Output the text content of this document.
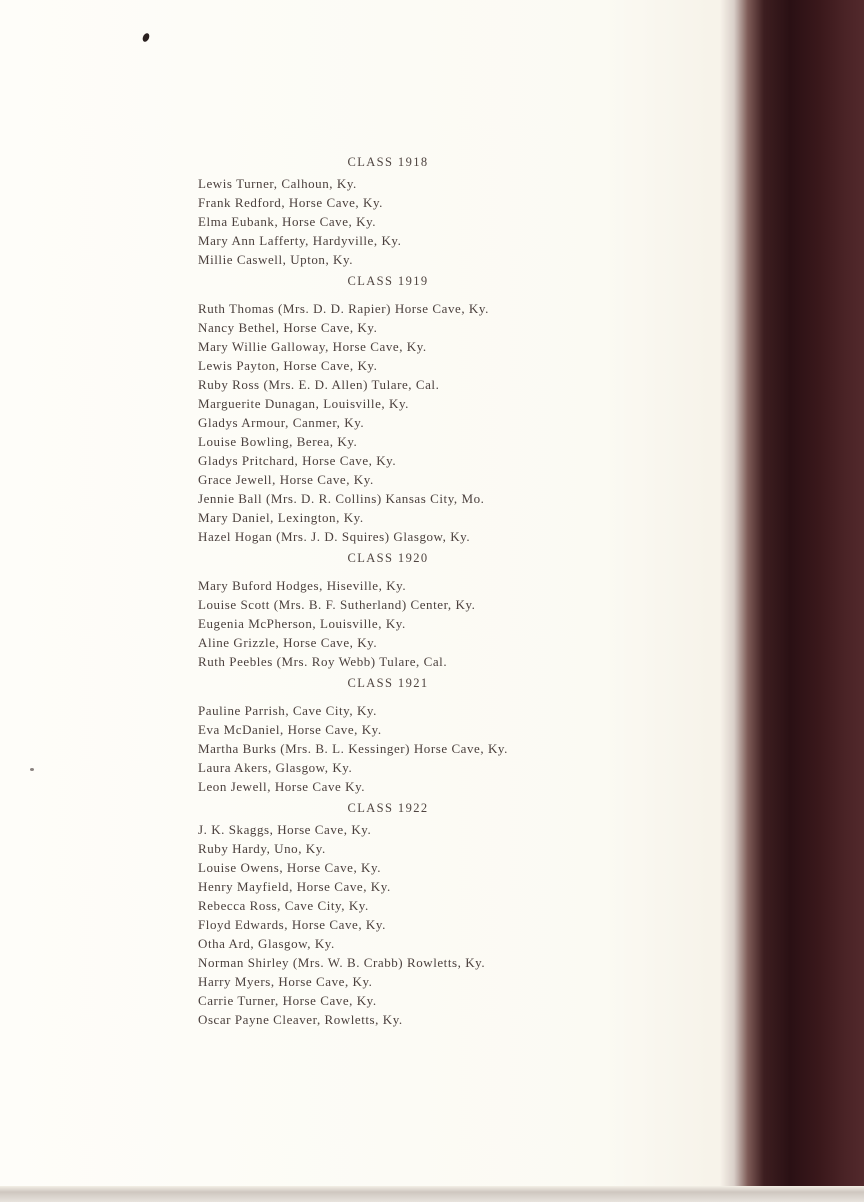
CLASS 1918
Lewis Turner, Calhoun, Ky.
Frank Redford, Horse Cave, Ky.
Elma Eubank, Horse Cave, Ky.
Mary Ann Lafferty, Hardyville, Ky.
Millie Caswell, Upton, Ky.
CLASS 1919
Ruth Thomas (Mrs. D. D. Rapier) Horse Cave, Ky.
Nancy Bethel, Horse Cave, Ky.
Mary Willie Galloway, Horse Cave, Ky.
Lewis Payton, Horse Cave, Ky.
Ruby Ross (Mrs. E. D. Allen) Tulare, Cal.
Marguerite Dunagan, Louisville, Ky.
Gladys Armour, Canmer, Ky.
Louise Bowling, Berea, Ky.
Gladys Pritchard, Horse Cave, Ky.
Grace Jewell, Horse Cave, Ky.
Jennie Ball (Mrs. D. R. Collins) Kansas City, Mo.
Mary Daniel, Lexington, Ky.
Hazel Hogan (Mrs. J. D. Squires) Glasgow, Ky.
CLASS 1920
Mary Buford Hodges, Hiseville, Ky.
Louise Scott (Mrs. B. F. Sutherland) Center, Ky.
Eugenia McPherson, Louisville, Ky.
Aline Grizzle, Horse Cave, Ky.
Ruth Peebles (Mrs. Roy Webb) Tulare, Cal.
CLASS 1921
Pauline Parrish, Cave City, Ky.
Eva McDaniel, Horse Cave, Ky.
Martha Burks (Mrs. B. L. Kessinger) Horse Cave, Ky.
Laura Akers, Glasgow, Ky.
Leon Jewell, Horse Cave Ky.
CLASS 1922
J. K. Skaggs, Horse Cave, Ky.
Ruby Hardy, Uno, Ky.
Louise Owens, Horse Cave, Ky.
Henry Mayfield, Horse Cave, Ky.
Rebecca Ross, Cave City, Ky.
Floyd Edwards, Horse Cave, Ky.
Otha Ard, Glasgow, Ky.
Norman Shirley (Mrs. W. B. Crabb) Rowletts, Ky.
Harry Myers, Horse Cave, Ky.
Carrie Turner, Horse Cave, Ky.
Oscar Payne Cleaver, Rowletts, Ky.
